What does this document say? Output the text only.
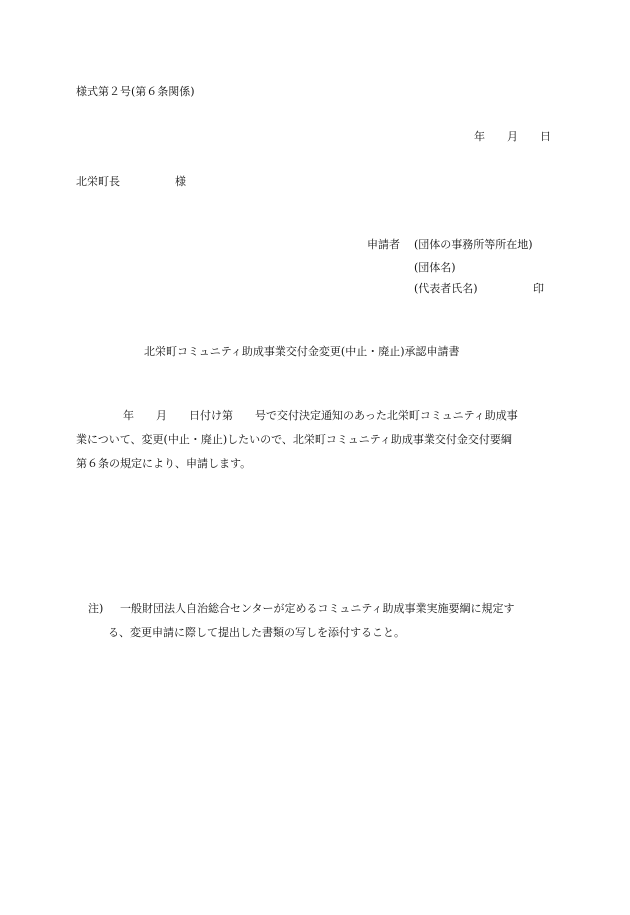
様式第２号(第６条関係)
年　　月　　日
北栄町長　　　　　様
申請者 (団体の事務所等所在地)
(団体名)
(代表者氏名)	印
北栄町コミュニティ助成事業交付金変更(中止・廃止)承認申請書
年　　月　　日付け第　　号で交付決定通知のあった北栄町コミュニティ助成事
業について、変更(中止・廃止)したいので、北栄町コミュニティ助成事業交付金交付要綱
第６条の規定により、申請します。
注) 一般財団法人自治総合センターが定めるコミュニティ助成事業実施要綱に規定す
る、変更申請に際して提出した書類の写しを添付すること。
